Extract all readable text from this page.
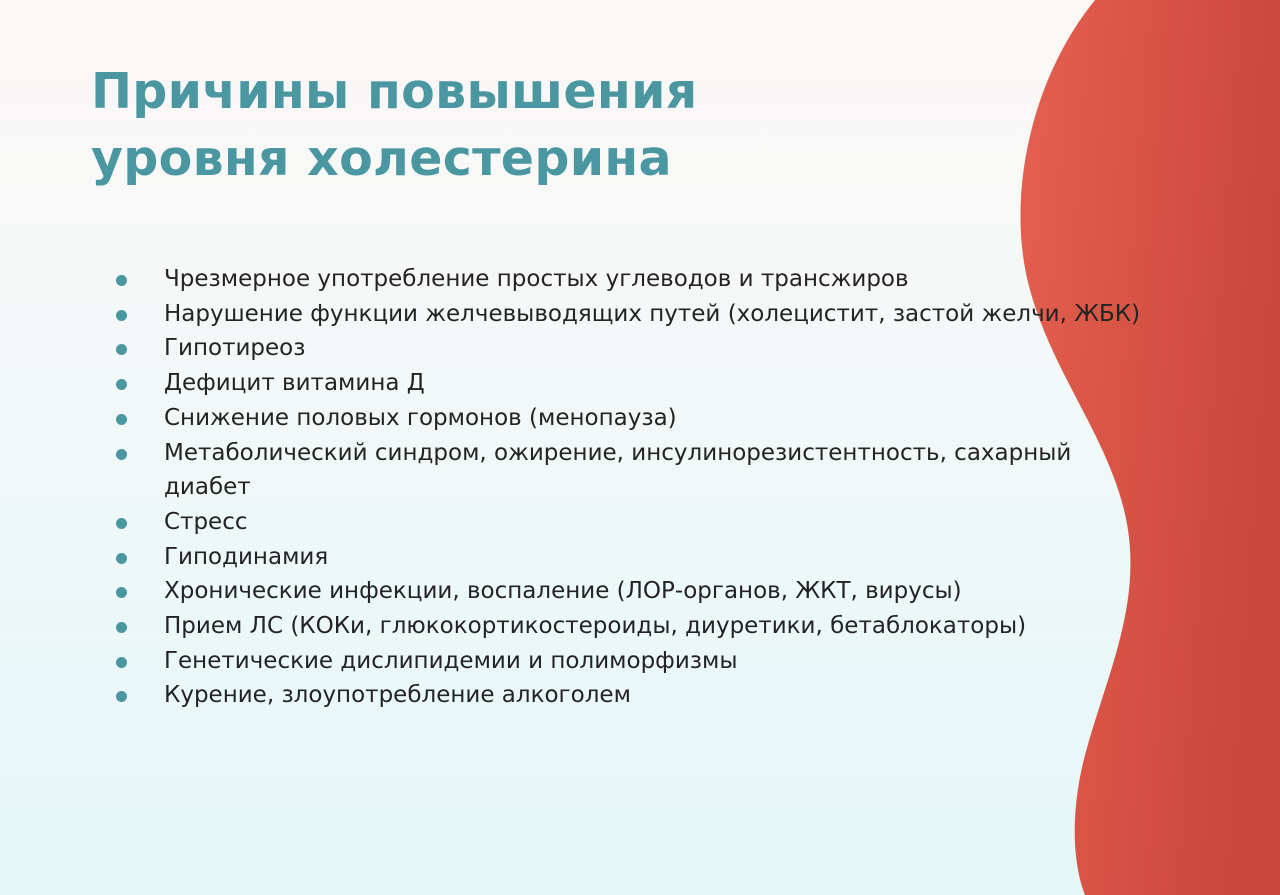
Причины повышения
уровня холестерина
Чрезмерное употребление простых углеводов и трансжиров
Нарушение функции желчевыводящих путей (холецистит, застой желчи, ЖБК)
Гипотиреоз
Дефицит витамина Д
Снижение половых гормонов (менопауза)
Метаболический синдром, ожирение, инсулинорезистентность, сахарный диабет
Стресс
Гиподинамия
Хронические инфекции, воспаление (ЛОР-органов, ЖКТ, вирусы)
Прием ЛС (КОКи, глюкокортикостероиды, диуретики, бетаблокаторы)
Генетические дислипидемии и полиморфизмы
Курение, злоупотребление алкоголем
